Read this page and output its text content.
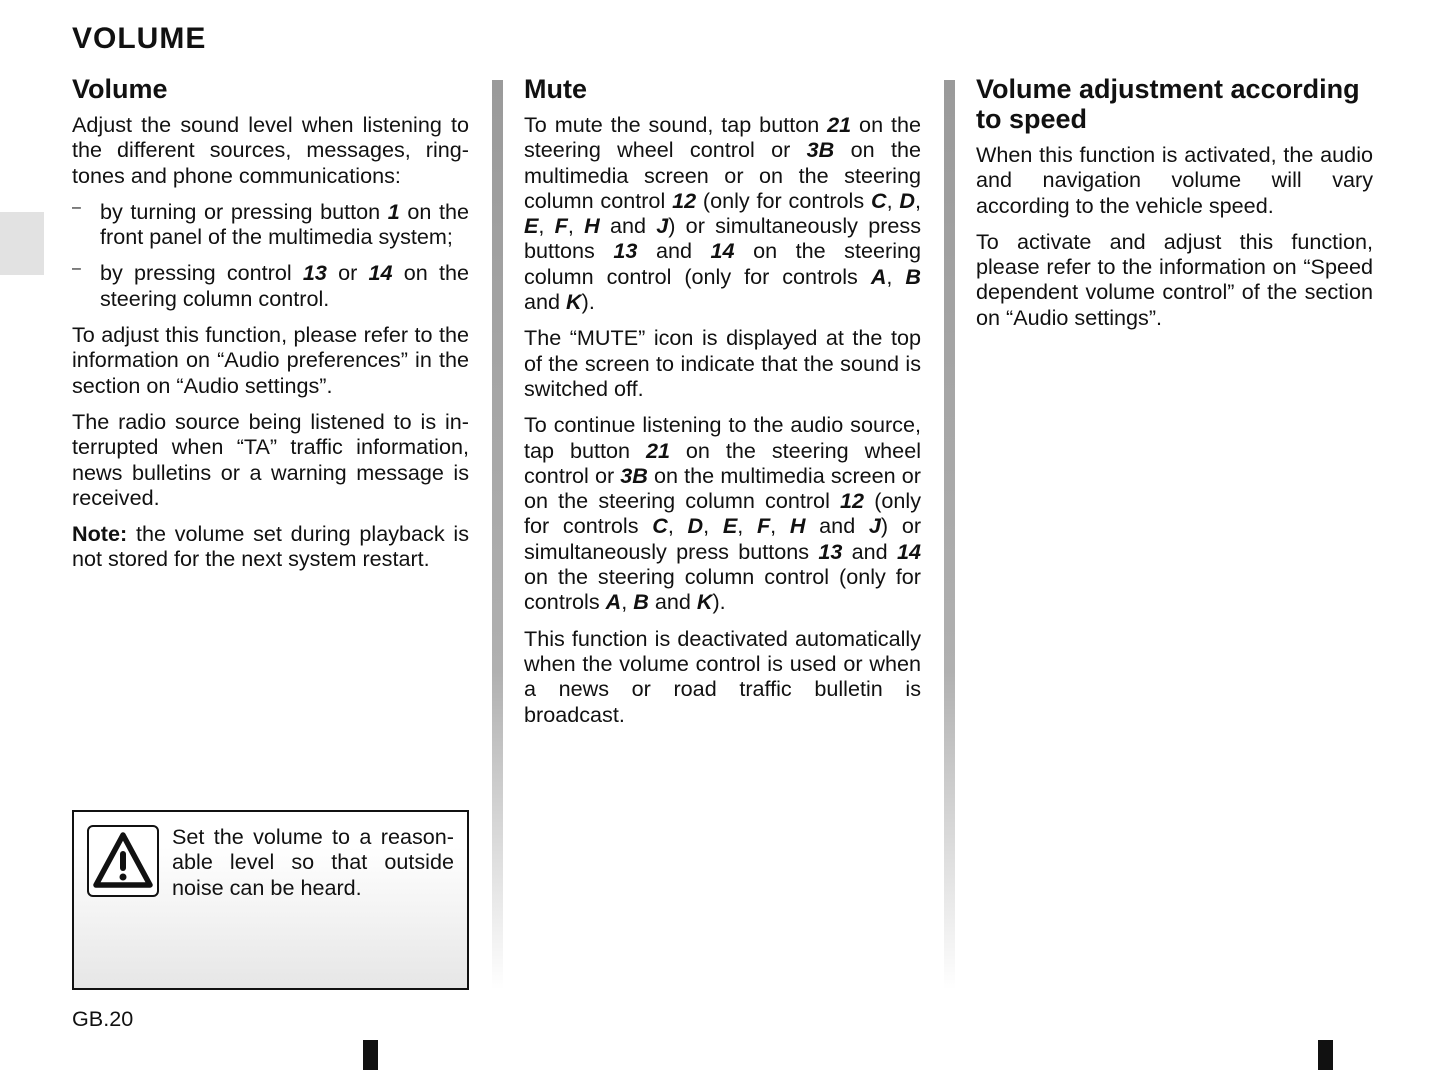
VOLUME
Volume

Adjust the sound level when listening to the different sources, messages, ringtones and phone communications:

– by turning or pressing button 1 on the front panel of the multimedia system;

– by pressing control 13 or 14 on the steering column control.

To adjust this function, please refer to the information on “Audio preferences” in the section on “Audio settings”.

The radio source being listened to is interrupted when “TA” traffic information, news bulletins or a warning message is received.

Note: the volume set during playback is not stored for the next system restart.

Mute

To mute the sound, tap button 21 on the steering wheel control or 3B on the multimedia screen or on the steering column control 12 (only for controls C, D, E, F, H and J) or simultaneously press buttons 13 and 14 on the steering column control (only for controls A, B and K).

The “MUTE” icon is displayed at the top of the screen to indicate that the sound is switched off.

To continue listening to the audio source, tap button 21 on the steering wheel control or 3B on the multimedia screen or on the steering column control 12 (only for controls C, D, E, F, H and J) or simultaneously press buttons 13 and 14 on the steering column control (only for controls A, B and K).

This function is deactivated automatically when the volume control is used or when a news or road traffic bulletin is broadcast.

Volume adjustment according to speed

When this function is activated, the audio and navigation volume will vary according to the vehicle speed.

To activate and adjust this function, please refer to the information on “Speed dependent volume control” of the section on “Audio settings”.

Set the volume to a reasonable level so that outside noise can be heard.

GB.20
